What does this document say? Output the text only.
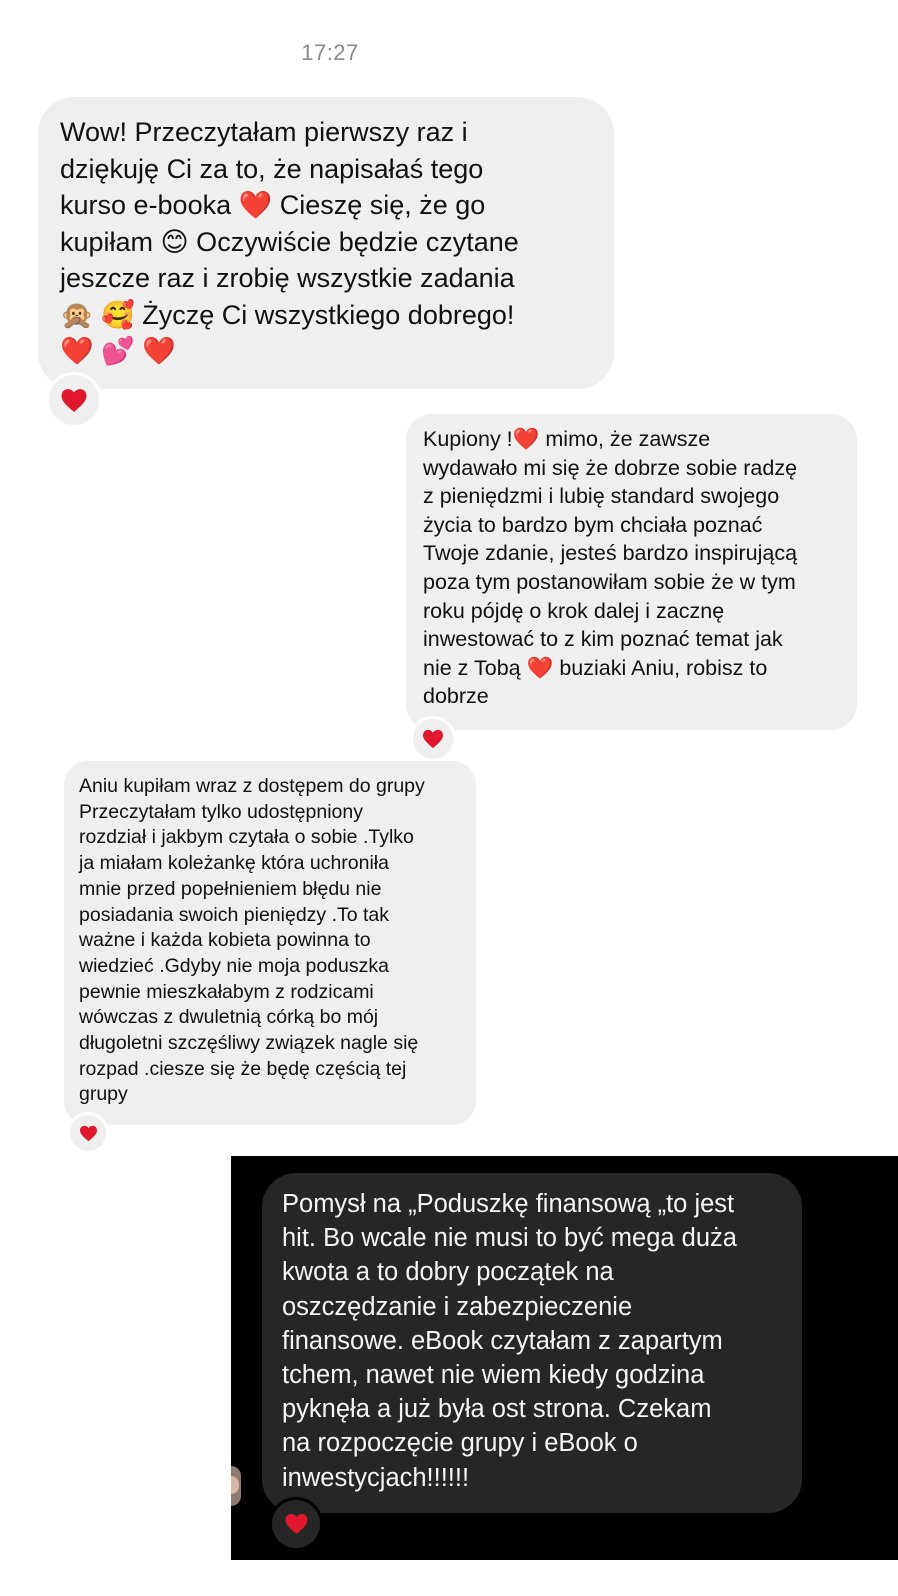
17:27
Wow! Przeczytałam pierwszy raz i
dziękuję Ci za to, że napisałaś tego
kurso e-booka ❤️ Cieszę się, że go
kupiłam 😊 Oczywiście będzie czytane
jeszcze raz i zrobię wszystkie zadania
🙊 🥰 Życzę Ci wszystkiego dobrego!
❤️ 💕 ❤️
Kupiony !❤️ mimo, że zawsze
wydawało mi się że dobrze sobie radzę
z pieniędzmi i lubię standard swojego
życia to bardzo bym chciała poznać
Twoje zdanie, jesteś bardzo inspirującą
poza tym postanowiłam sobie że w tym
roku pójdę o krok dalej i zacznę
inwestować to z kim poznać temat jak
nie z Tobą ❤️ buziaki Aniu, robisz to
dobrze
Aniu kupiłam wraz z dostępem do grupy
Przeczytałam tylko udostępniony
rozdział i jakbym czytała o sobie .Tylko
ja miałam koleżankę która uchroniła
mnie przed popełnieniem błędu nie
posiadania swoich pieniędzy .To tak
ważne i każda kobieta powinna to
wiedzieć .Gdyby nie moja poduszka
pewnie mieszkałabym z rodzicami
wówczas z dwuletnią córką bo mój
długoletni szczęśliwy związek nagle się
rozpad .ciesze się że będę częścią tej
grupy
Pomysł na „Poduszkę finansową „to jest
hit. Bo wcale nie musi to być mega duża
kwota a to dobry początek na
oszczędzanie i zabezpieczenie
finansowe. eBook czytałam z zapartym
tchem, nawet nie wiem kiedy godzina
pyknęła a już była ost strona. Czekam
na rozpoczęcie grupy i eBook o
inwestycjach!!!!!!
